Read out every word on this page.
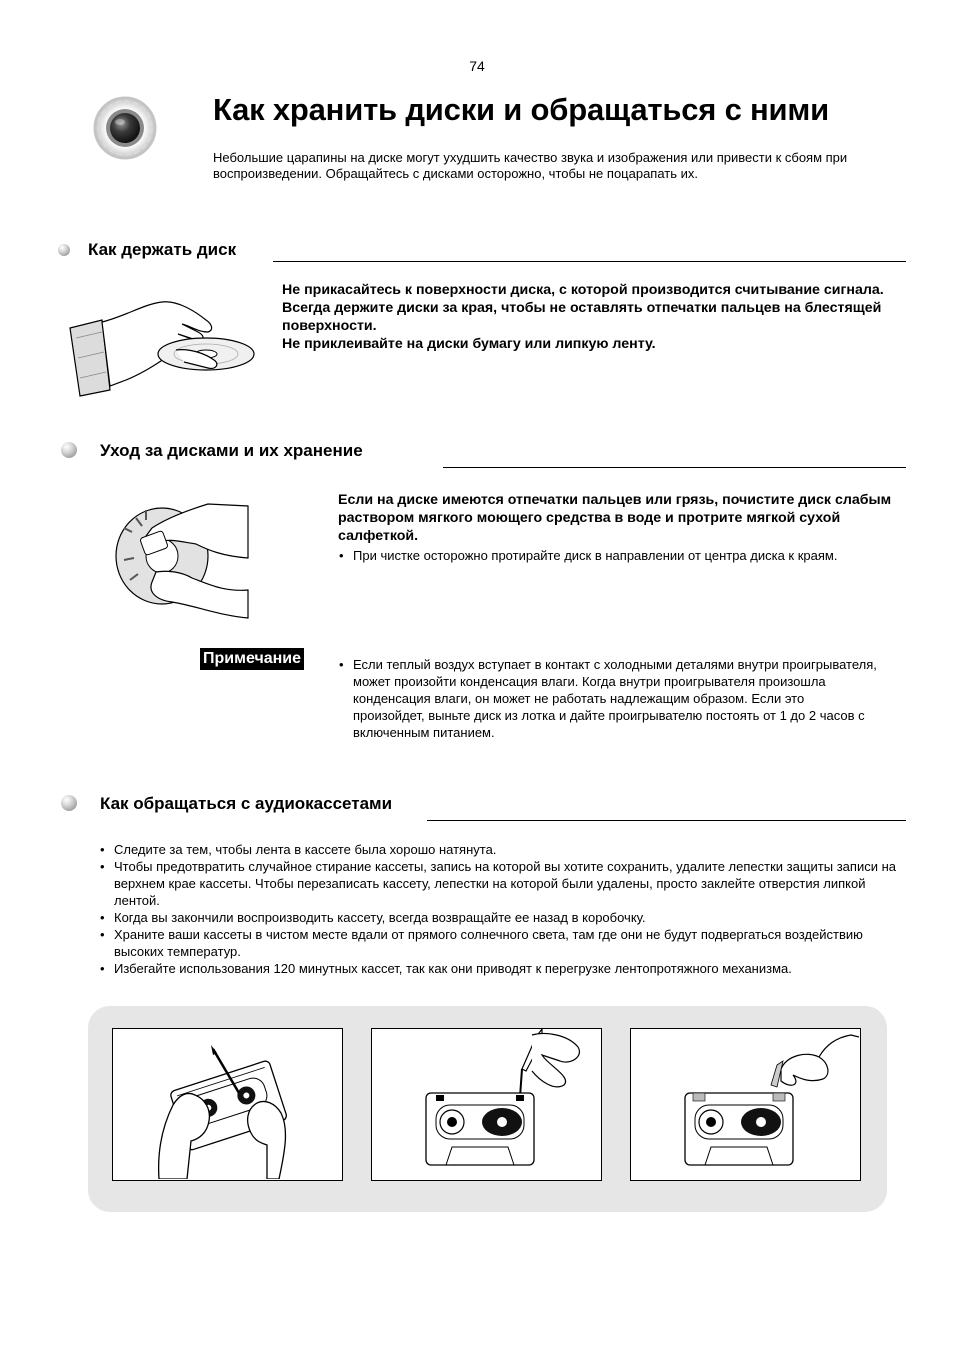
74
Как хранить диски и обращаться с ними
Небольшие царапины на диске могут ухудшить качество звука и изображения или привести к сбоям при воспроизведении. Обращайтесь с дисками осторожно, чтобы не поцарапать их.
Как держать диск
Не прикасайтесь к поверхности диска, с которой производится считывание сигнала. Всегда держите диски за края, чтобы не оставлять отпечатки пальцев на блестящей поверхности.
Не приклеивайте на диски бумагу или липкую ленту.
Уход за дисками и их хранение
Если на диске имеются отпечатки пальцев или грязь, почистите диск слабым раствором мягкого моющего средства в воде и протрите мягкой сухой салфеткой.
• При чистке осторожно протирайте диск в направлении от центра диска к краям.
Примечание
•	Если теплый воздух вступает в контакт с холодными деталями внутри проигрывателя, может произойти конденсация влаги. Когда внутри проигрывателя произошла конденсация влаги, он может не работать надлежащим образом. Если это произойдет, выньте диск из лотка и дайте проигрывателю постоять от 1 до 2 часов с включенным питанием.
Как обращаться с аудиокассетами
• Следите за тем, чтобы лента в кассете была хорошо натянута.
• Чтобы предотвратить случайное стирание кассеты, запись на которой вы хотите сохранить, удалите лепестки защиты записи на верхнем крае кассеты. Чтобы перезаписать кассету, лепестки на которой были удалены, просто заклейте отверстия липкой лентой.
• Когда вы закончили воспроизводить кассету, всегда возвращайте ее назад в коробочку.
• Храните ваши кассеты в чистом месте вдали от прямого солнечного света, там где они не будут подвергаться воздействию высоких температур.
• Избегайте использования 120 минутных кассет, так как они приводят к перегрузке лентопротяжного механизма.
